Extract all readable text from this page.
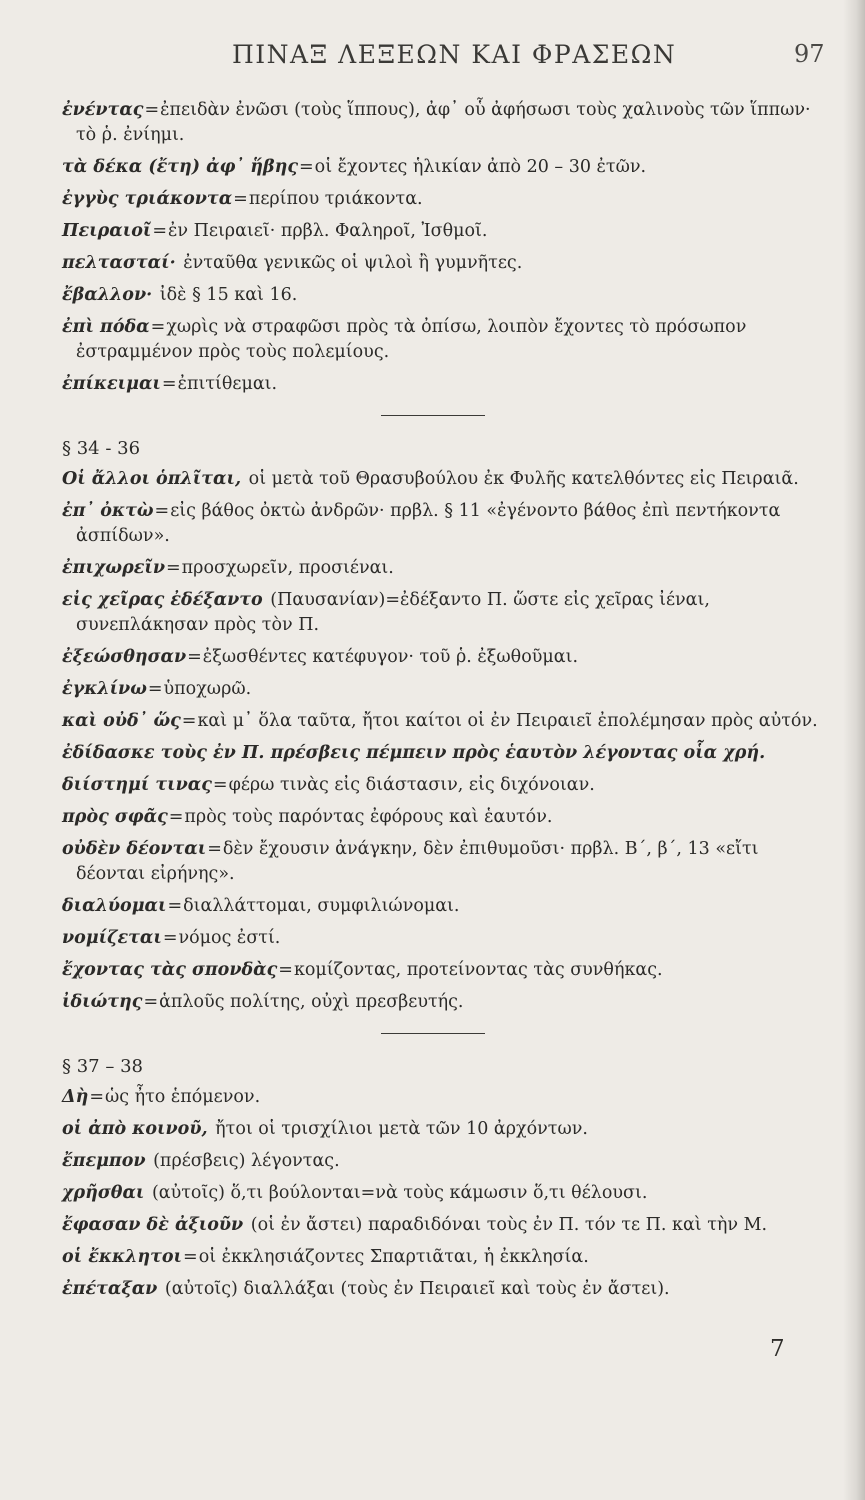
ΠΙΝΑΞ ΛΕΞΕΩΝ ΚΑΙ ΦΡΑΣΕΩΝ	97

ἐνέντας=ἐπειδὰν ἐνῶσι (τοὺς ἵππους), ἀφ᾿ οὗ ἀφήσωσι τοὺς χαλινοὺς τῶν ἵππων· τὸ ῥ. ἐνίημι.

τὰ δέκα (ἔτη) ἀφ᾿ ἥβης=οἱ ἔχοντες ἡλικίαν ἀπὸ 20 – 30 ἐτῶν.

ἐγγὺς τριάκοντα=περίπου τριάκοντα.

Πειραιοῖ=ἐν Πειραιεῖ· πρβλ. Φαληροῖ, Ἰσθμοῖ.

πελτασταί· ἐνταῦθα γενικῶς οἱ ψιλοὶ ἢ γυμνῆτες.

ἔβαλλον· ἰδὲ § 15 καὶ 16.

ἐπὶ πόδα=χωρὶς νὰ στραφῶσι πρὸς τὰ ὀπίσω, λοιπὸν ἔχοντες τὸ πρόσωπον ἐστραμμένον πρὸς τοὺς πολεμίους.

ἐπίκειμαι=ἐπιτίθεμαι.

§ 34 - 36

Οἱ ἄλλοι ὁπλῖται, οἱ μετὰ τοῦ Θρασυβούλου ἐκ Φυλῆς κατελθόντες εἰς Πειραιᾶ.

ἐπ᾿ ὀκτὼ=εἰς βάθος ὀκτὼ ἀνδρῶν· πρβλ. § 11 «ἐγένοντο βάθος ἐπὶ πεντήκοντα ἀσπίδων».

ἐπιχωρεῖν=προσχωρεῖν, προσιέναι.

εἰς χεῖρας ἐδέξαντο (Παυσανίαν)=ἐδέξαντο Π. ὥστε εἰς χεῖρας ἰέναι, συνεπλάκησαν πρὸς τὸν Π.

ἐξεώσθησαν=ἐξωσθέντες κατέφυγον· τοῦ ῥ. ἐξωθοῦμαι.

ἐγκλίνω=ὑποχωρῶ.

καὶ οὐδ᾿ ὥς=καὶ μ᾿ ὅλα ταῦτα, ἤτοι καίτοι οἱ ἐν Πειραιεῖ ἐπολέμησαν πρὸς αὐτόν.

ἐδίδασκε τοὺς ἐν Π. πρέσβεις πέμπειν πρὸς ἑαυτὸν λέγοντας οἷα χρή.

διίστημί τινας=φέρω τινὰς εἰς διάστασιν, εἰς διχόνοιαν.

πρὸς σφᾶς=πρὸς τοὺς παρόντας ἐφόρους καὶ ἑαυτόν.

οὐδὲν δέονται=δὲν ἔχουσιν ἀνάγκην, δὲν ἐπιθυμοῦσι· πρβλ. Β´, β´, 13 «εἴτι δέονται εἰρήνης».

διαλύομαι=διαλλάττομαι, συμφιλιώνομαι.

νομίζεται=νόμος ἐστί.

ἔχοντας τὰς σπονδὰς=κομίζοντας, προτείνοντας τὰς συνθήκας.

ἰδιώτης=ἁπλοῦς πολίτης, οὐχὶ πρεσβευτής.

§ 37 – 38

Δὴ=ὡς ἦτο ἑπόμενον.

οἱ ἀπὸ κοινοῦ, ἤτοι οἱ τρισχίλιοι μετὰ τῶν 10 ἀρχόντων.

ἔπεμπον (πρέσβεις) λέγοντας.

χρῆσθαι (αὐτοῖς) ὅ,τι βούλονται=νὰ τοὺς κάμωσιν ὅ,τι θέλουσι.

ἔφασαν δὲ ἀξιοῦν (οἱ ἐν ἄστει) παραδιδόναι τοὺς ἐν Π. τόν τε Π. καὶ τὴν Μ.

οἱ ἔκκλητοι=οἱ ἐκκλησιάζοντες Σπαρτιᾶται, ἡ ἐκκλησία.

ἐπέταξαν (αὐτοῖς) διαλλάξαι (τοὺς ἐν Πειραιεῖ καὶ τοὺς ἐν ἄστει).

7
